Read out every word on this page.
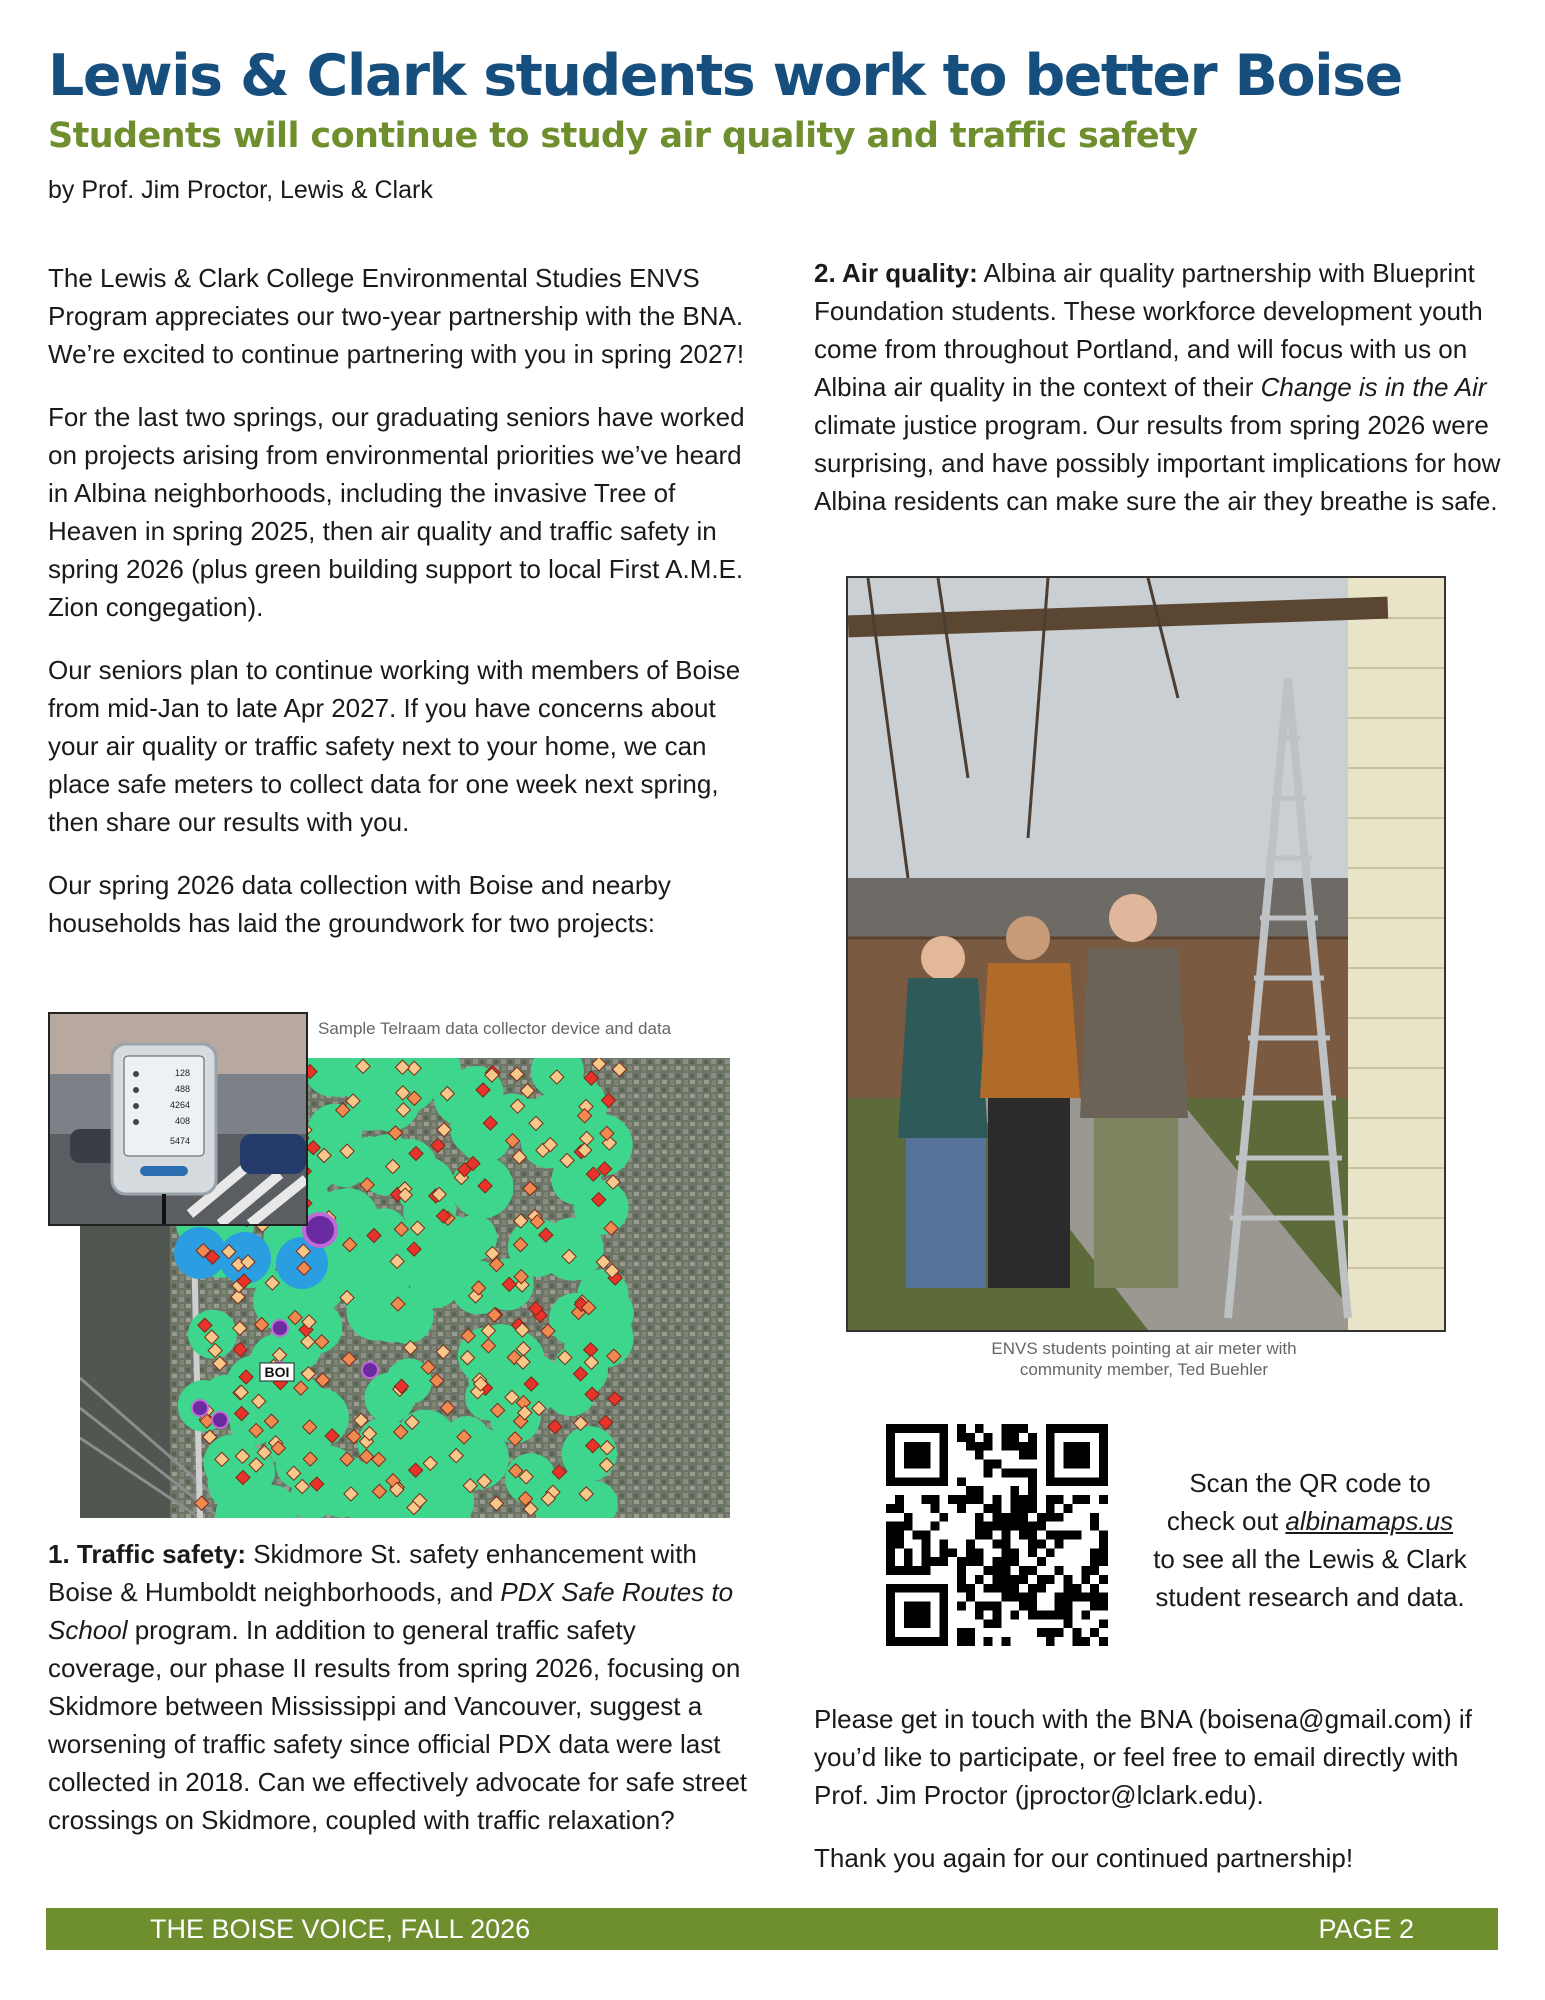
Lewis & Clark students work to better Boise
Students will continue to study air quality and traffic safety
by Prof. Jim Proctor, Lewis & Clark

The Lewis & Clark College Environmental Studies ENVS Program appreciates our two-year partnership with the BNA. We’re excited to continue partnering with you in spring 2027!

For the last two springs, our graduating seniors have worked on projects arising from environmental priorities we’ve heard in Albina neighborhoods, including the invasive Tree of Heaven in spring 2025, then air quality and traffic safety in spring 2026 (plus green building support to local First A.M.E. Zion congegation).

Our seniors plan to continue working with members of Boise from mid-Jan to late Apr 2027. If you have concerns about your air quality or traffic safety next to your home, we can place safe meters to collect data for one week next spring, then share our results with you.

Our spring 2026 data collection with Boise and nearby households has laid the groundwork for two projects:

Sample Telraam data collector device and data
BOI
128
488
4264
408
5474

1. Traffic safety: Skidmore St. safety enhancement with Boise & Humboldt neighborhoods, and PDX Safe Routes to School program. In addition to general traffic safety coverage, our phase II results from spring 2026, focusing on Skidmore between Mississippi and Vancouver, suggest a worsening of traffic safety since official PDX data were last collected in 2018. Can we effectively advocate for safe street crossings on Skidmore, coupled with traffic relaxation?

2. Air quality: Albina air quality partnership with Blueprint Foundation students. These workforce development youth come from throughout Portland, and will focus with us on Albina air quality in the context of their Change is in the Air climate justice program. Our results from spring 2026 were surprising, and have possibly important implications for how Albina residents can make sure the air they breathe is safe.

ENVS students pointing at air meter with
community member, Ted Buehler
Scan the QR code to
check out albinamaps.us
to see all the Lewis & Clark
student research and data.

Please get in touch with the BNA (boisena@gmail.com) if you’d like to participate, or feel free to email directly with Prof. Jim Proctor (jproctor@lclark.edu).

Thank you again for our continued partnership!

THE BOISE VOICE, FALL 2026	PAGE 2
